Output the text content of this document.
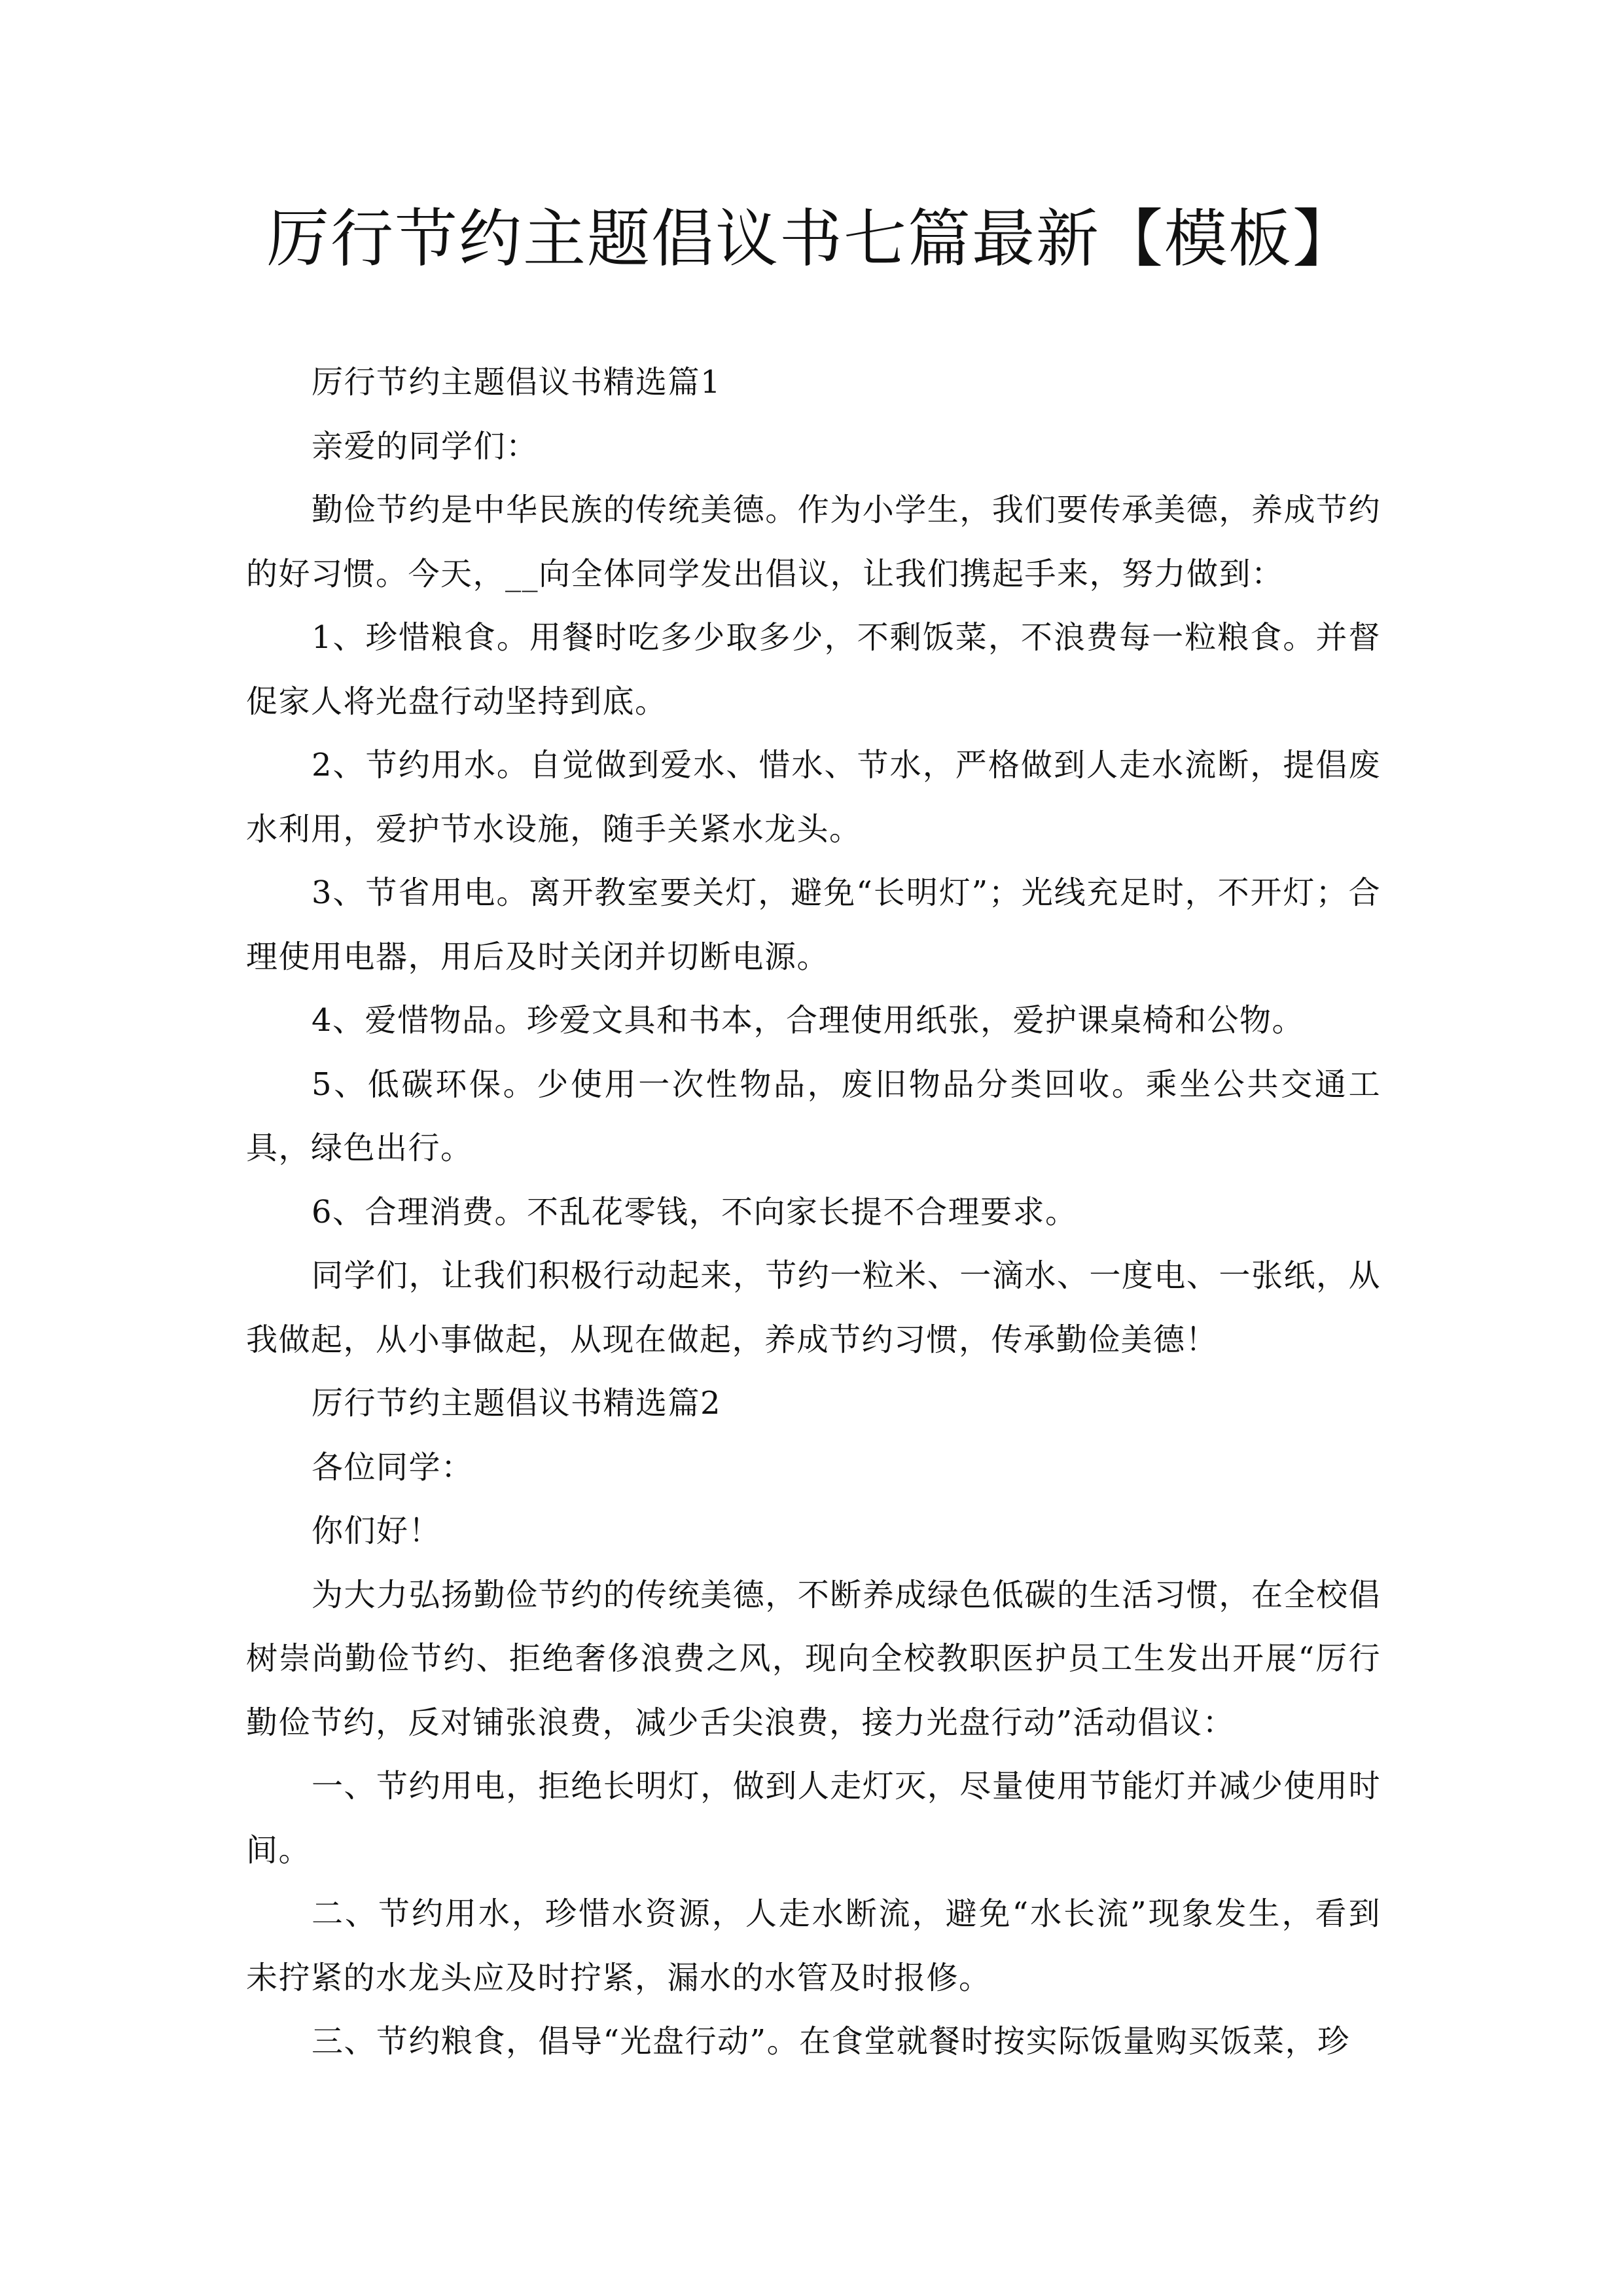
厉行节约主题倡议书七篇最新【模板】

厉行节约主题倡议书精选篇1

亲爱的同学们：

勤俭节约是中华民族的传统美德。作为小学生，我们要传承美德，养成节约的好习惯。今天，__向全体同学发出倡议，让我们携起手来，努力做到：

1、珍惜粮食。用餐时吃多少取多少，不剩饭菜，不浪费每一粒粮食。并督促家人将光盘行动坚持到底。

2、节约用水。自觉做到爱水、惜水、节水，严格做到人走水流断，提倡废水利用，爱护节水设施，随手关紧水龙头。

3、节省用电。离开教室要关灯，避免“长明灯”；光线充足时，不开灯；合理使用电器，用后及时关闭并切断电源。

4、爱惜物品。珍爱文具和书本，合理使用纸张，爱护课桌椅和公物。

5、低碳环保。少使用一次性物品，废旧物品分类回收。乘坐公共交通工具，绿色出行。

6、合理消费。不乱花零钱，不向家长提不合理要求。

同学们，让我们积极行动起来，节约一粒米、一滴水、一度电、一张纸，从我做起，从小事做起，从现在做起，养成节约习惯，传承勤俭美德！

厉行节约主题倡议书精选篇2

各位同学：

你们好！

为大力弘扬勤俭节约的传统美德，不断养成绿色低碳的生活习惯，在全校倡树崇尚勤俭节约、拒绝奢侈浪费之风，现向全校教职医护员工生发出开展“厉行勤俭节约，反对铺张浪费，减少舌尖浪费，接力光盘行动”活动倡议：

一、节约用电，拒绝长明灯，做到人走灯灭，尽量使用节能灯并减少使用时间。

二、节约用水，珍惜水资源，人走水断流，避免“水长流”现象发生，看到未拧紧的水龙头应及时拧紧，漏水的水管及时报修。

三、节约粮食，倡导“光盘行动”。在食堂就餐时按实际饭量购买饭菜，珍
